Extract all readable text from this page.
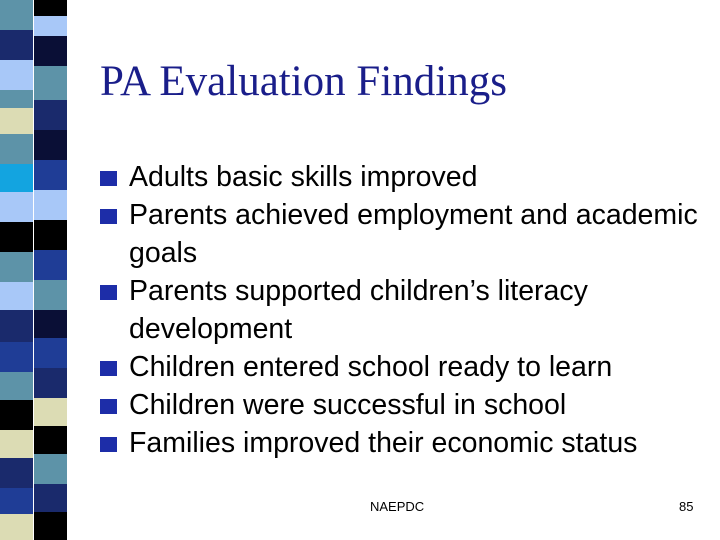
PA Evaluation Findings
Adults basic skills improved
Parents achieved employment and academic goals
Parents supported children’s literacy development
Children entered school ready to learn
Children were successful in school
Families improved their economic status
NAEPDC	85
